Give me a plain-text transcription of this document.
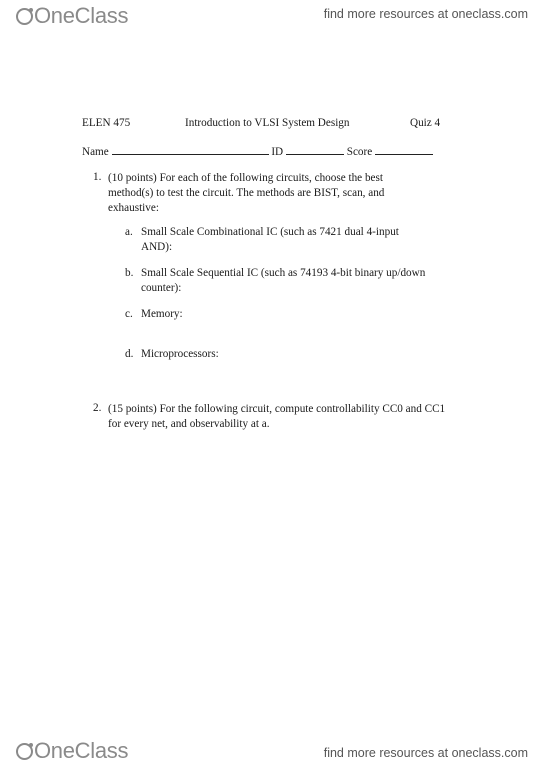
OneClass	find more resources at oneclass.com
ELEN 475	Introduction to VLSI System Design	Quiz 4
Name	ID	Score
1. (10 points) For each of the following circuits, choose the best method(s) to test the circuit. The methods are BIST, scan, and exhaustive:
a. Small Scale Combinational IC (such as 7421 dual 4-input AND):
b. Small Scale Sequential IC (such as 74193 4-bit binary up/down counter):
c. Memory:
d. Microprocessors:
2. (15 points) For the following circuit, compute controllability CC0 and CC1 for every net, and observability at a.
OneClass	find more resources at oneclass.com
